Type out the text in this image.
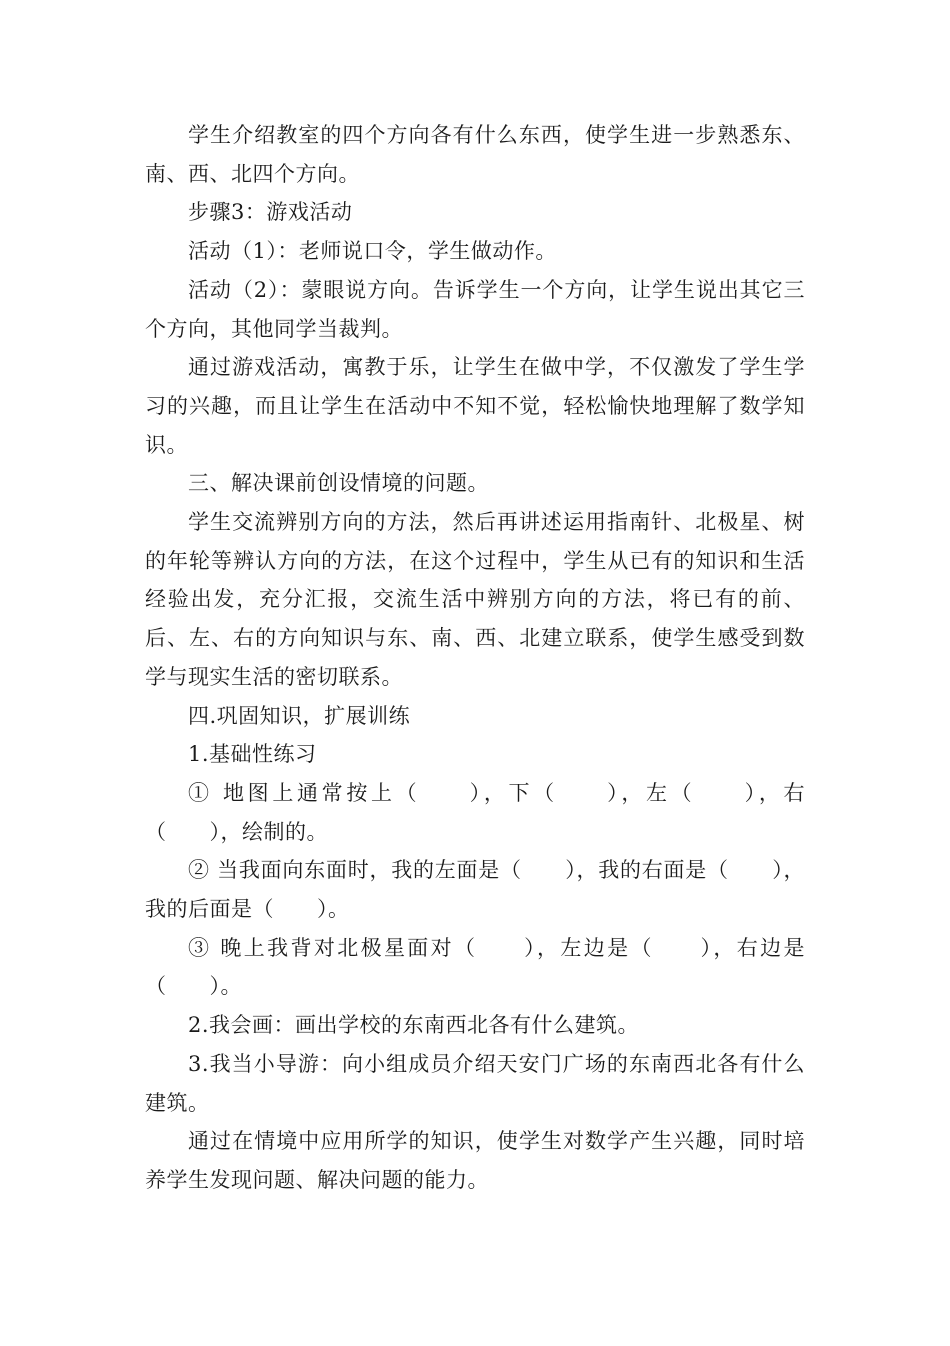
学生介绍教室的四个方向各有什么东西，使学生进一步熟悉东、南、西、北四个方向。

步骤3：游戏活动

活动（1）：老师说口令，学生做动作。

活动（2）：蒙眼说方向。告诉学生一个方向，让学生说出其它三个方向，其他同学当裁判。

通过游戏活动，寓教于乐，让学生在做中学，不仅激发了学生学习的兴趣，而且让学生在活动中不知不觉，轻松愉快地理解了数学知识。

三、解决课前创设情境的问题。

学生交流辨别方向的方法，然后再讲述运用指南针、北极星、树的年轮等辨认方向的方法，在这个过程中，学生从已有的知识和生活经验出发，充分汇报，交流生活中辨别方向的方法，将已有的前、后、左、右的方向知识与东、南、西、北建立联系，使学生感受到数学与现实生活的密切联系。

四.巩固知识，扩展训练

1.基础性练习

① 地图上通常按上（　　），下（　　），左（　　），右（　　），绘制的。

② 当我面向东面时，我的左面是（　　），我的右面是（　　），我的后面是（　　）。

③ 晚上我背对北极星面对（　　），左边是（　　），右边是（　　）。

2.我会画：画出学校的东南西北各有什么建筑。

3.我当小导游：向小组成员介绍天安门广场的东南西北各有什么建筑。

通过在情境中应用所学的知识，使学生对数学产生兴趣，同时培养学生发现问题、解决问题的能力。
